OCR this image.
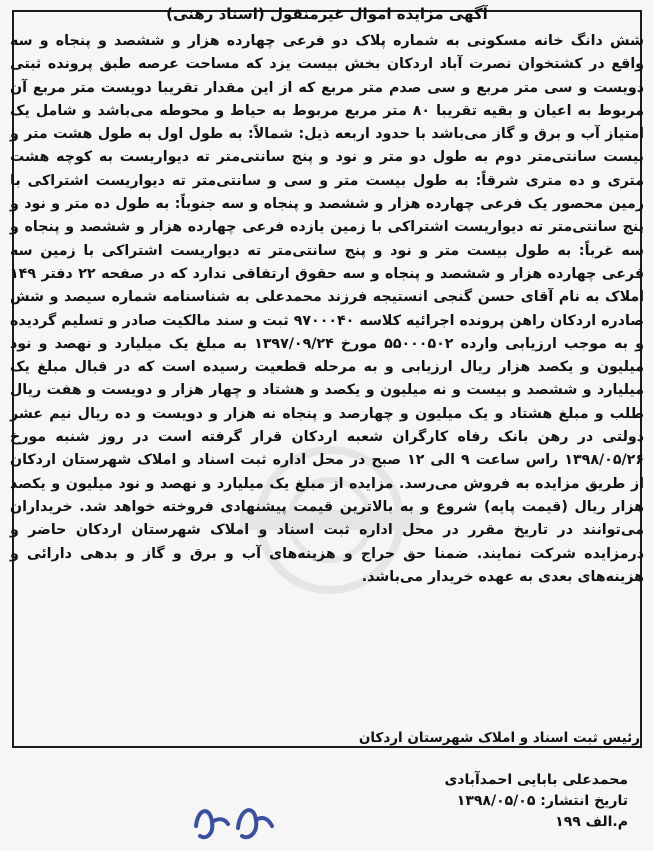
آگهی مزایده اموال غیرمنقول (اسناد رهنی)
شش دانگ خانه مسکونی به شماره پلاک دو فرعی چهارده هزار و ششصد و پنجاه و سه واقع در کشتخوان نصرت آباد اردکان بخش بیست یزد که مساحت عرصه طبق پرونده ثبتی دویست و سی متر مربع و سی صدم متر مربع که از این مقدار تقریبا دویست متر مربع آن مربوط به اعیان و بقیه تقریبا ۸۰ متر مربع مربوط به حیاط و محوطه می‌باشد و شامل یک امتیاز آب و برق و گاز می‌باشد با حدود اربعه ذیل: شمالاً: به طول اول به طول هشت متر و بیست سانتی‌متر دوم به طول دو متر و نود و پنج سانتی‌متر ته دیواریست به کوچه هشت متری و ده متری شرقاً: به طول بیست متر و سی و سانتی‌متر ته دیواریست اشتراکی با زمین محصور یک فرعی چهارده هزار و ششصد و پنجاه و سه جنوباً: به طول ده متر و نود و پنج سانتی‌متر ته دیواریست اشتراکی با زمین یازده فرعی چهارده هزار و ششصد و پنجاه و سه غرباً: به طول بیست متر و نود و پنج سانتی‌متر ته دیواریست اشتراکی با زمین سه فرعی چهارده هزار و ششصد و پنجاه و سه حقوق ارتفاقی ندارد که در صفحه ۲۲ دفتر ۱۴۹ املاک به نام آقای حسن گنجی انستیجه فرزند محمدعلی به شناسنامه شماره سیصد و شش صادره اردکان راهن پرونده اجرائیه کلاسه ۹۷۰۰۰۴۰ ثبت و سند مالکیت صادر و تسلیم گردیده و به موجب ارزیابی وارده ۵۵۰۰۰۵۰۲ مورخ ۱۳۹۷/۰۹/۲۴ به مبلغ یک میلیارد و نهصد و نود میلیون و یکصد هزار ریال ارزیابی و به مرحله قطعیت رسیده است که در قبال مبلغ یک میلیارد و ششصد و بیست و نه میلیون و یکصد و هشتاد و چهار هزار و دویست و هفت ریال طلب و مبلغ هشتاد و یک میلیون و چهارصد و پنجاه نه هزار و دویست و ده ریال نیم عشر دولتی در رهن بانک رفاه کارگران شعبه اردکان قرار گرفته است در روز شنبه مورخ ۱۳۹۸/۰۵/۲۶ راس ساعت ۹ الی ۱۲ صبح در محل اداره ثبت اسناد و املاک شهرستان اردکان از طریق مزایده به فروش می‌رسد. مزایده از مبلغ یک میلیارد و نهصد و نود میلیون و یکصد هزار ریال (قیمت پایه) شروع و به بالاترین قیمت پیشنهادی فروخته خواهد شد. خریداران می‌توانند در تاریخ مقرر در محل اداره ثبت اسناد و املاک شهرستان اردکان حاضر و درمزایده شرکت نمایند. ضمنا حق حراج و هزینه‌های آب و برق و گاز و بدهی دارائی و هزینه‌های بعدی به عهده خریدار می‌باشد.
رئیس ثبت اسناد و املاک شهرستان اردکان
محمدعلی بابایی احمدآبادی
تاریخ انتشار: ۱۳۹۸/۰۵/۰۵
م.الف ۱۹۹
